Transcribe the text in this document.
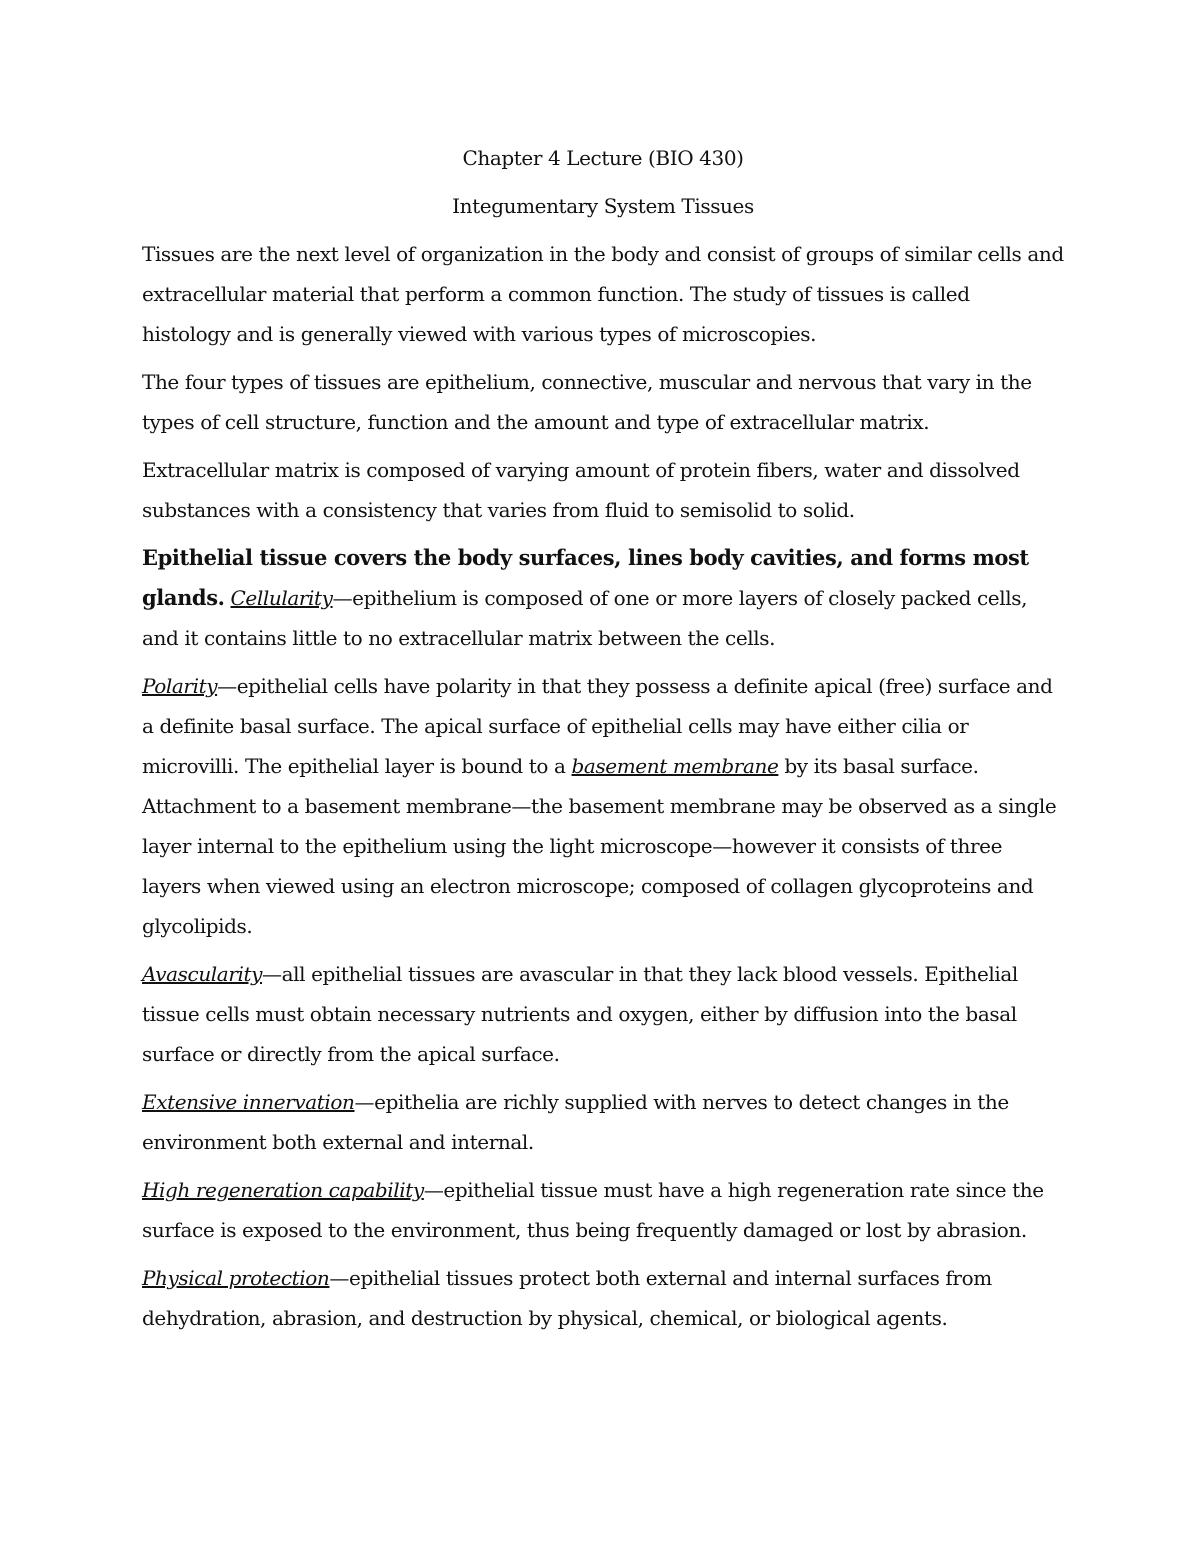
Chapter 4 Lecture (BIO 430)
Integumentary System Tissues

Tissues are the next level of organization in the body and consist of groups of similar cells and extracellular material that perform a common function. The study of tissues is called histology and is generally viewed with various types of microscopies.

The four types of tissues are epithelium, connective, muscular and nervous that vary in the types of cell structure, function and the amount and type of extracellular matrix.

Extracellular matrix is composed of varying amount of protein fibers, water and dissolved substances with a consistency that varies from fluid to semisolid to solid.

Epithelial tissue covers the body surfaces, lines body cavities, and forms most glands. Cellularity—epithelium is composed of one or more layers of closely packed cells, and it contains little to no extracellular matrix between the cells.

Polarity—epithelial cells have polarity in that they possess a definite apical (free) surface and a definite basal surface. The apical surface of epithelial cells may have either cilia or microvilli. The epithelial layer is bound to a basement membrane by its basal surface. Attachment to a basement membrane—the basement membrane may be observed as a single layer internal to the epithelium using the light microscope—however it consists of three layers when viewed using an electron microscope; composed of collagen glycoproteins and glycolipids.

Avascularity—all epithelial tissues are avascular in that they lack blood vessels. Epithelial tissue cells must obtain necessary nutrients and oxygen, either by diffusion into the basal surface or directly from the apical surface.

Extensive innervation—epithelia are richly supplied with nerves to detect changes in the environment both external and internal.

High regeneration capability—epithelial tissue must have a high regeneration rate since the surface is exposed to the environment, thus being frequently damaged or lost by abrasion.

Physical protection—epithelial tissues protect both external and internal surfaces from dehydration, abrasion, and destruction by physical, chemical, or biological agents.
